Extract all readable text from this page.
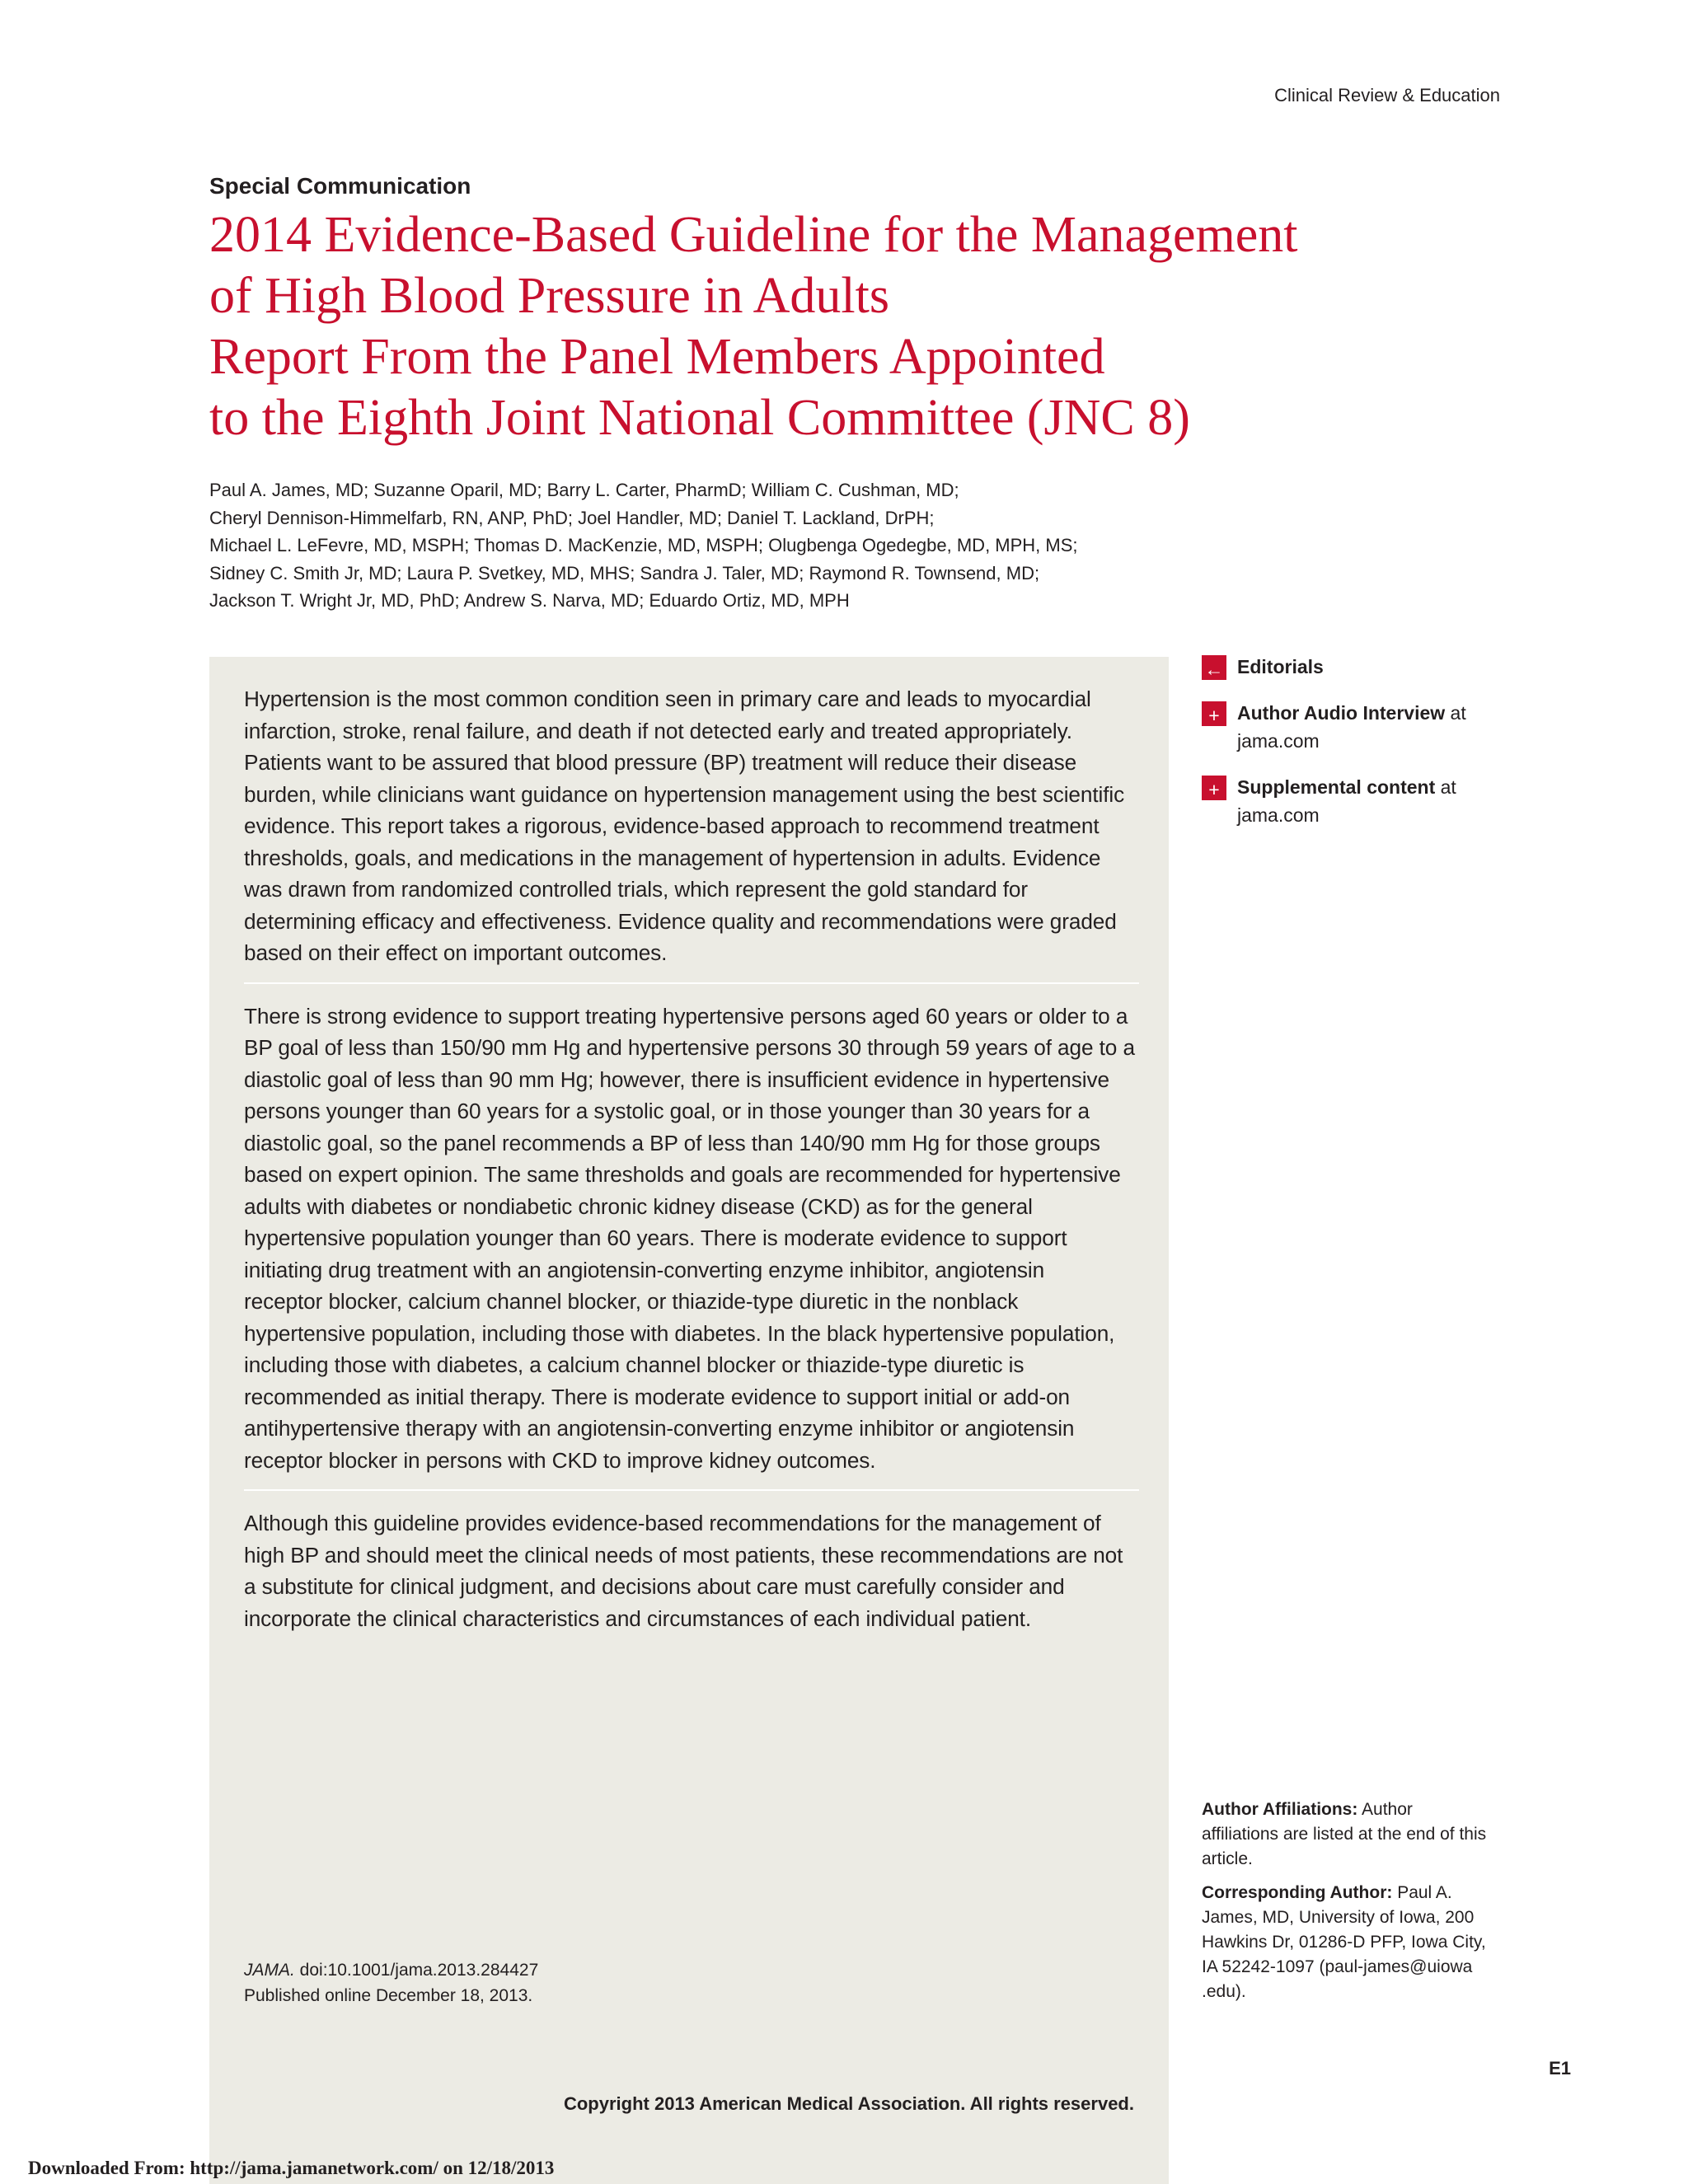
Clinical Review & Education
Special Communication
2014 Evidence-Based Guideline for the Management
of High Blood Pressure in Adults
Report From the Panel Members Appointed
to the Eighth Joint National Committee (JNC 8)
Paul A. James, MD; Suzanne Oparil, MD; Barry L. Carter, PharmD; William C. Cushman, MD;
Cheryl Dennison-Himmelfarb, RN, ANP, PhD; Joel Handler, MD; Daniel T. Lackland, DrPH;
Michael L. LeFevre, MD, MSPH; Thomas D. MacKenzie, MD, MSPH; Olugbenga Ogedegbe, MD, MPH, MS;
Sidney C. Smith Jr, MD; Laura P. Svetkey, MD, MHS; Sandra J. Taler, MD; Raymond R. Townsend, MD;
Jackson T. Wright Jr, MD, PhD; Andrew S. Narva, MD; Eduardo Ortiz, MD, MPH

Hypertension is the most common condition seen in primary care and leads to myocardial
infarction, stroke, renal failure, and death if not detected early and treated appropriately.
Patients want to be assured that blood pressure (BP) treatment will reduce their disease
burden, while clinicians want guidance on hypertension management using the best scientific
evidence. This report takes a rigorous, evidence-based approach to recommend treatment
thresholds, goals, and medications in the management of hypertension in adults. Evidence
was drawn from randomized controlled trials, which represent the gold standard for
determining efficacy and effectiveness. Evidence quality and recommendations were graded
based on their effect on important outcomes.

There is strong evidence to support treating hypertensive persons aged 60 years or older to a
BP goal of less than 150/90 mm Hg and hypertensive persons 30 through 59 years of age to a
diastolic goal of less than 90 mm Hg; however, there is insufficient evidence in hypertensive
persons younger than 60 years for a systolic goal, or in those younger than 30 years for a
diastolic goal, so the panel recommends a BP of less than 140/90 mm Hg for those groups
based on expert opinion. The same thresholds and goals are recommended for hypertensive
adults with diabetes or nondiabetic chronic kidney disease (CKD) as for the general
hypertensive population younger than 60 years. There is moderate evidence to support
initiating drug treatment with an angiotensin-converting enzyme inhibitor, angiotensin
receptor blocker, calcium channel blocker, or thiazide-type diuretic in the nonblack
hypertensive population, including those with diabetes. In the black hypertensive population,
including those with diabetes, a calcium channel blocker or thiazide-type diuretic is
recommended as initial therapy. There is moderate evidence to support initial or add-on
antihypertensive therapy with an angiotensin-converting enzyme inhibitor or angiotensin
receptor blocker in persons with CKD to improve kidney outcomes.

Although this guideline provides evidence-based recommendations for the management of
high BP and should meet the clinical needs of most patients, these recommendations are not
a substitute for clinical judgment, and decisions about care must carefully consider and
incorporate the clinical characteristics and circumstances of each individual patient.

JAMA. doi:10.1001/jama.2013.284427
Published online December 18, 2013.
Copyright 2013 American Medical Association. All rights reserved.
← Editorials
+ Author Audio Interview at
jama.com
+ Supplemental content at
jama.com

Author Affiliations: Author
affiliations are listed at the end of this
article.

Corresponding Author: Paul A.
James, MD, University of Iowa, 200
Hawkins Dr, 01286-D PFP, Iowa City,
IA 52242-1097 (paul-james@uiowa
.edu).

E1
Downloaded From: http://jama.jamanetwork.com/ on 12/18/2013
